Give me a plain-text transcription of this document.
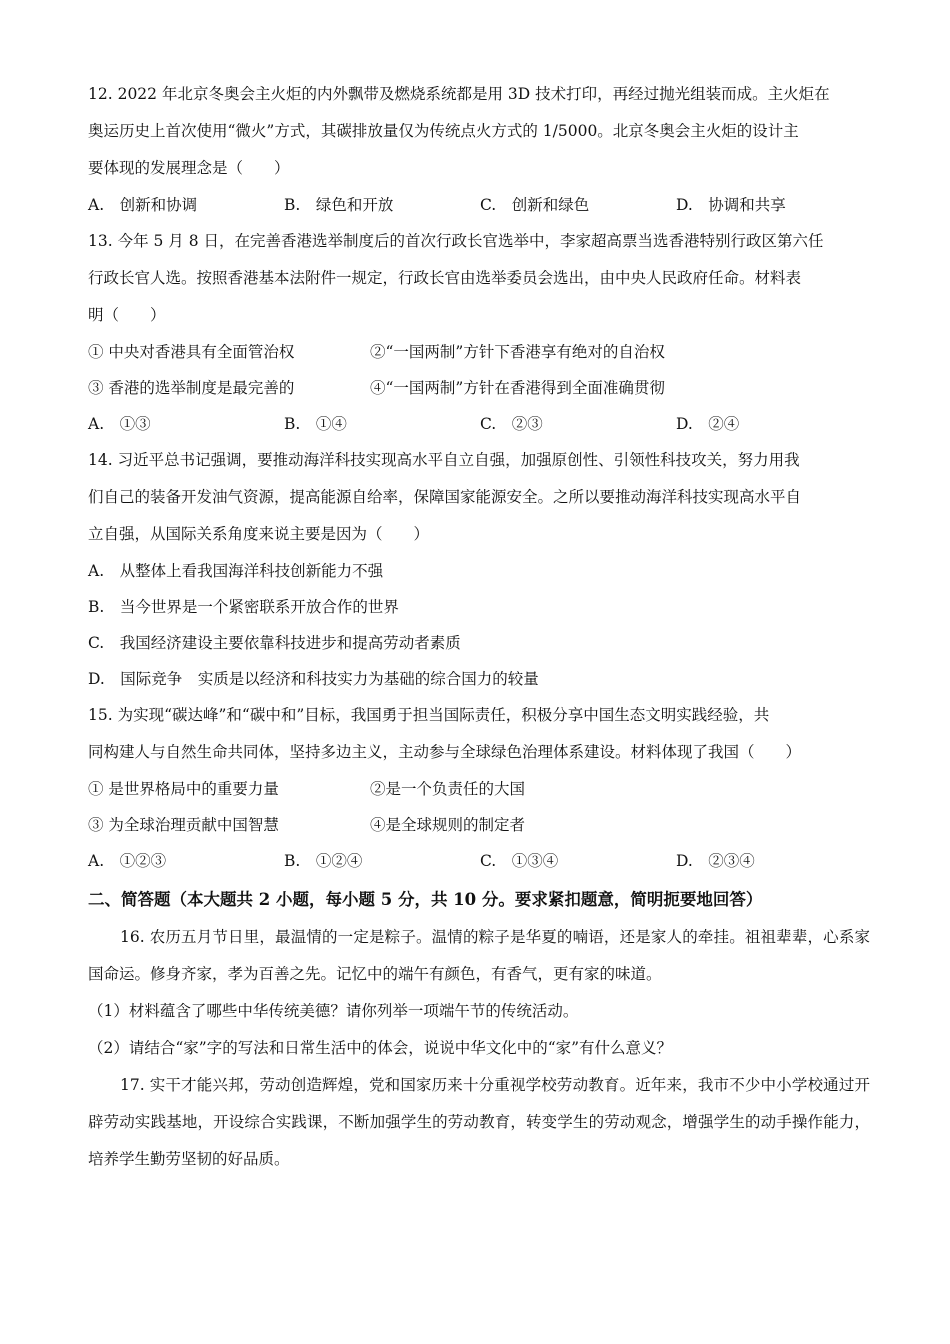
12. 2022 年北京冬奥会主火炬的内外飘带及燃烧系统都是用 3D 技术打印，再经过抛光组装而成。主火炬在

奥运历史上首次使用“微火”方式，其碳排放量仅为传统点火方式的 1/5000。北京冬奥会主火炬的设计主

要体现的发展理念是（　　）

A.　创新和协调	B.　绿色和开放	C.　创新和绿色	D.　协调和共享

13. 今年 5 月 8 日，在完善香港选举制度后的首次行政长官选举中，李家超高票当选香港特别行政区第六任

行政长官人选。按照香港基本法附件一规定，行政长官由选举委员会选出，由中央人民政府任命。材料表

明（　　）

① 中央对香港具有全面管治权	②“一国两制”方针下香港享有绝对的自治权
③ 香港的选举制度是最完善的	④“一国两制”方针在香港得到全面准确贯彻
A.　①③	B.　①④	C.　②③	D.　②④

14. 习近平总书记强调，要推动海洋科技实现高水平自立自强，加强原创性、引领性科技攻关，努力用我

们自己的装备开发油气资源，提高能源自给率，保障国家能源安全。之所以要推动海洋科技实现高水平自

立自强，从国际关系角度来说主要是因为（　　）

A.　从整体上看我国海洋科技创新能力不强
B.　当今世界是一个紧密联系开放合作的世界
C.　我国经济建设主要依靠科技进步和提高劳动者素质
D.　国际竞争　实质是以经济和科技实力为基础的综合国力的较量

15. 为实现“碳达峰”和“碳中和”目标，我国勇于担当国际责任，积极分享中国生态文明实践经验，共

同构建人与自然生命共同体，坚持多边主义，主动参与全球绿色治理体系建设。材料体现了我国（　　）

① 是世界格局中的重要力量	②是一个负责任的大国
③ 为全球治理贡献中国智慧	④是全球规则的制定者
A.　①②③	B.　①②④	C.　①③④	D.　②③④
二、简答题（本大题共 2 小题，每小题 5 分，共 10 分。要求紧扣题意，简明扼要地回答）

16. 农历五月节日里，最温情的一定是粽子。温情的粽子是华夏的喃语，还是家人的牵挂。祖祖辈辈，心系家国命运。修身齐家，孝为百善之先。记忆中的端午有颜色，有香气，更有家的味道。

（1）材料蕴含了哪些中华传统美德？请你列举一项端午节的传统活动。

（2）请结合“家”字的写法和日常生活中的体会，说说中华文化中的“家”有什么意义？

17. 实干才能兴邦，劳动创造辉煌，党和国家历来十分重视学校劳动教育。近年来，我市不少中小学校通过开辟劳动实践基地，开设综合实践课，不断加强学生的劳动教育，转变学生的劳动观念，增强学生的动手操作能力，培养学生勤劳坚韧的好品质。
